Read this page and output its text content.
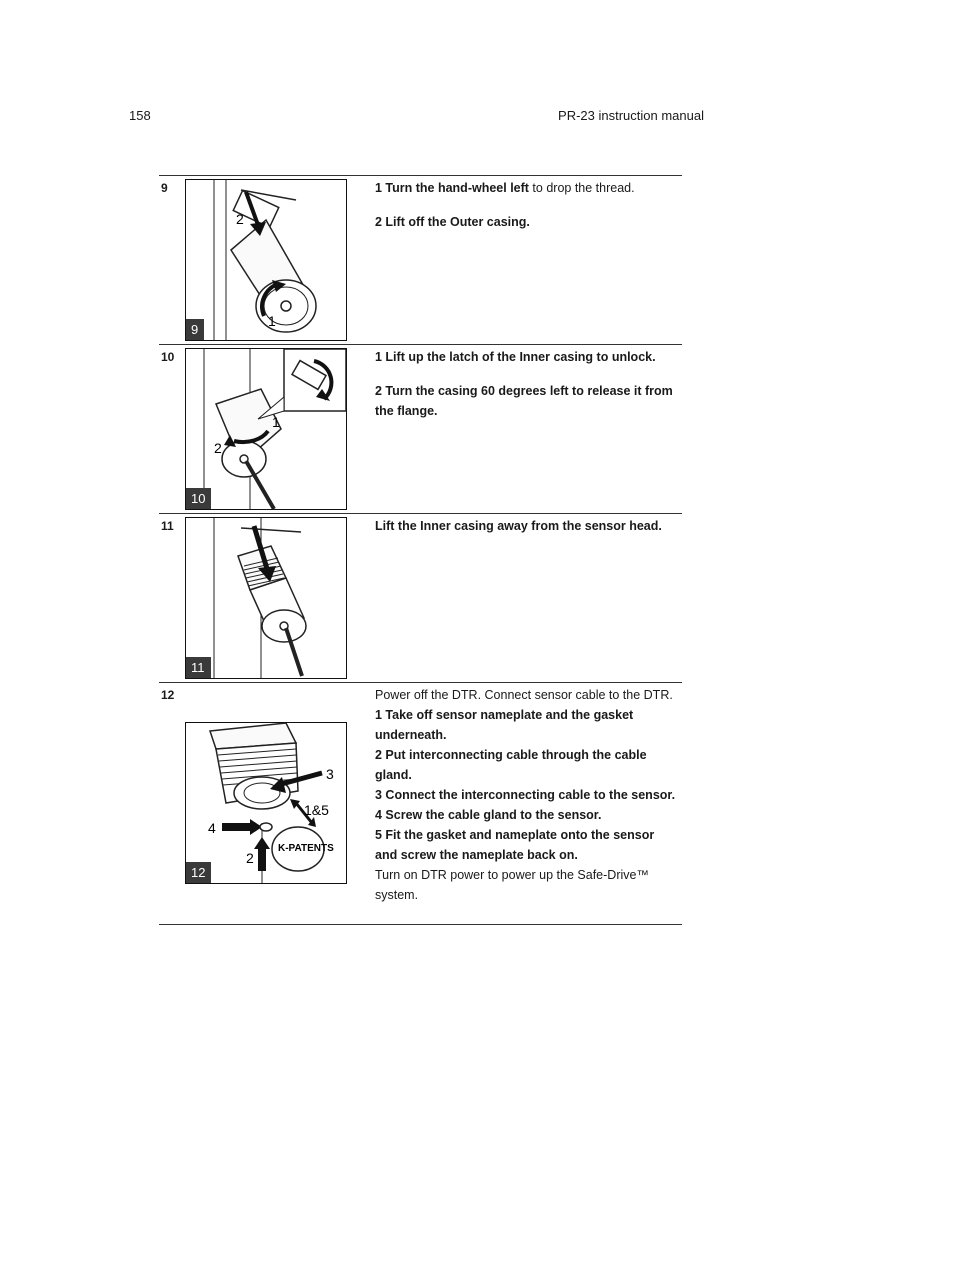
158	PR-23 instruction manual
9
2
1
9

1 Turn the hand-wheel left to drop the thread.

2 Lift off the Outer casing.

10
1
2
10

1 Lift up the latch of the Inner casing to unlock.

2 Turn the casing 60 degrees left to release it from the flange.

11
11

Lift the Inner casing away from the sensor head.

12
K-PATENTS
3
1&5
4
2
12

Power off the DTR. Connect sensor cable to the DTR.

1 Take off sensor nameplate and the gasket underneath.

2 Put interconnecting cable through the cable gland.

3 Connect the interconnecting cable to the sensor.

4 Screw the cable gland to the sensor.

5 Fit the gasket and nameplate onto the sensor and screw the nameplate back on.

Turn on DTR power to power up the Safe-Drive™ system.
